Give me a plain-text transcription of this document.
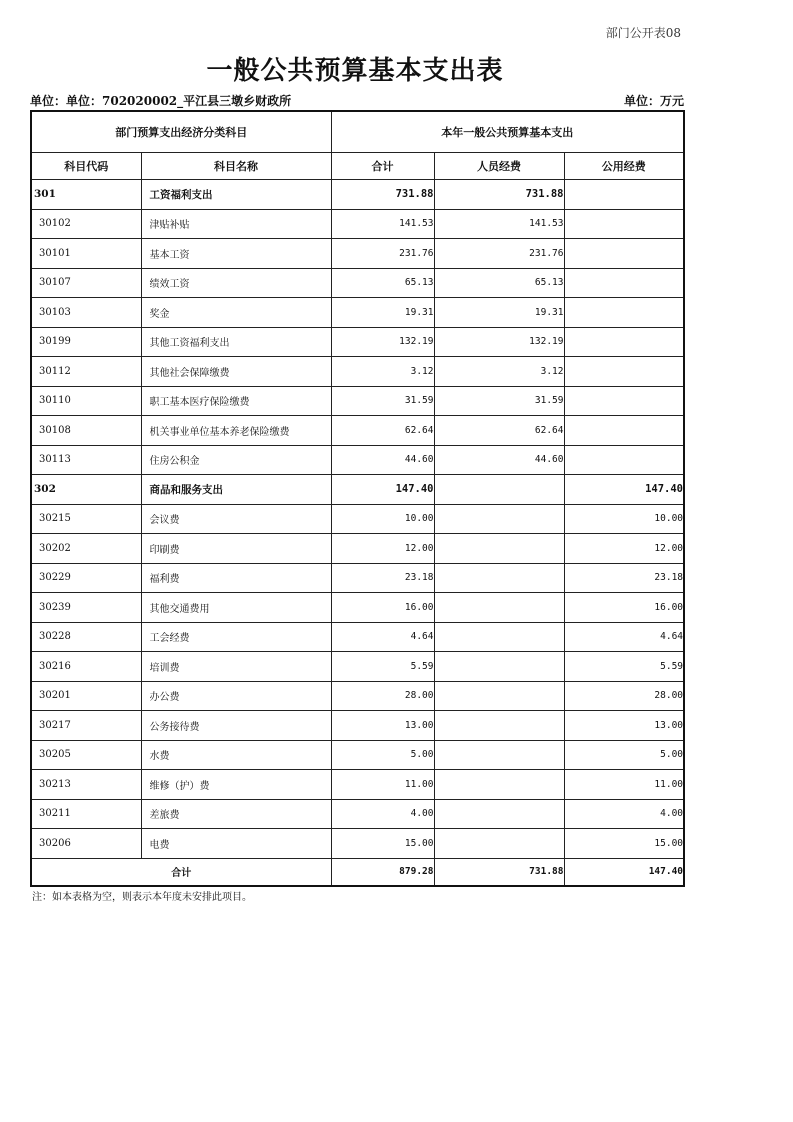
部门公开表08
一般公共预算基本支出表
单位：单位：702020002_平江县三墩乡财政所	单位：万元
部门预算支出经济分类科目		本年一般公共预算基本支出		
科目代码	科目名称	合计	人员经费	公用经费
301	工资福利支出	731.88	731.88	
30102	津贴补贴	141.53	141.53	
30101	基本工资	231.76	231.76	
30107	绩效工资	65.13	65.13	
30103	奖金	19.31	19.31	
30199	其他工资福利支出	132.19	132.19	
30112	其他社会保障缴费	3.12	3.12	
30110	职工基本医疗保险缴费	31.59	31.59	
30108	机关事业单位基本养老保险缴费	62.64	62.64	
30113	住房公积金	44.60	44.60	
302	商品和服务支出	147.40		147.40
30215	会议费	10.00		10.00
30202	印刷费	12.00		12.00
30229	福利费	23.18		23.18
30239	其他交通费用	16.00		16.00
30228	工会经费	4.64		4.64
30216	培训费	5.59		5.59
30201	办公费	28.00		28.00
30217	公务接待费	13.00		13.00
30205	水费	5.00		5.00
30213	维修（护）费	11.00		11.00
30211	差旅费	4.00		4.00
30206	电费	15.00		15.00
合计		879.28	731.88	147.40
注：如本表格为空，则表示本年度未安排此项目。
